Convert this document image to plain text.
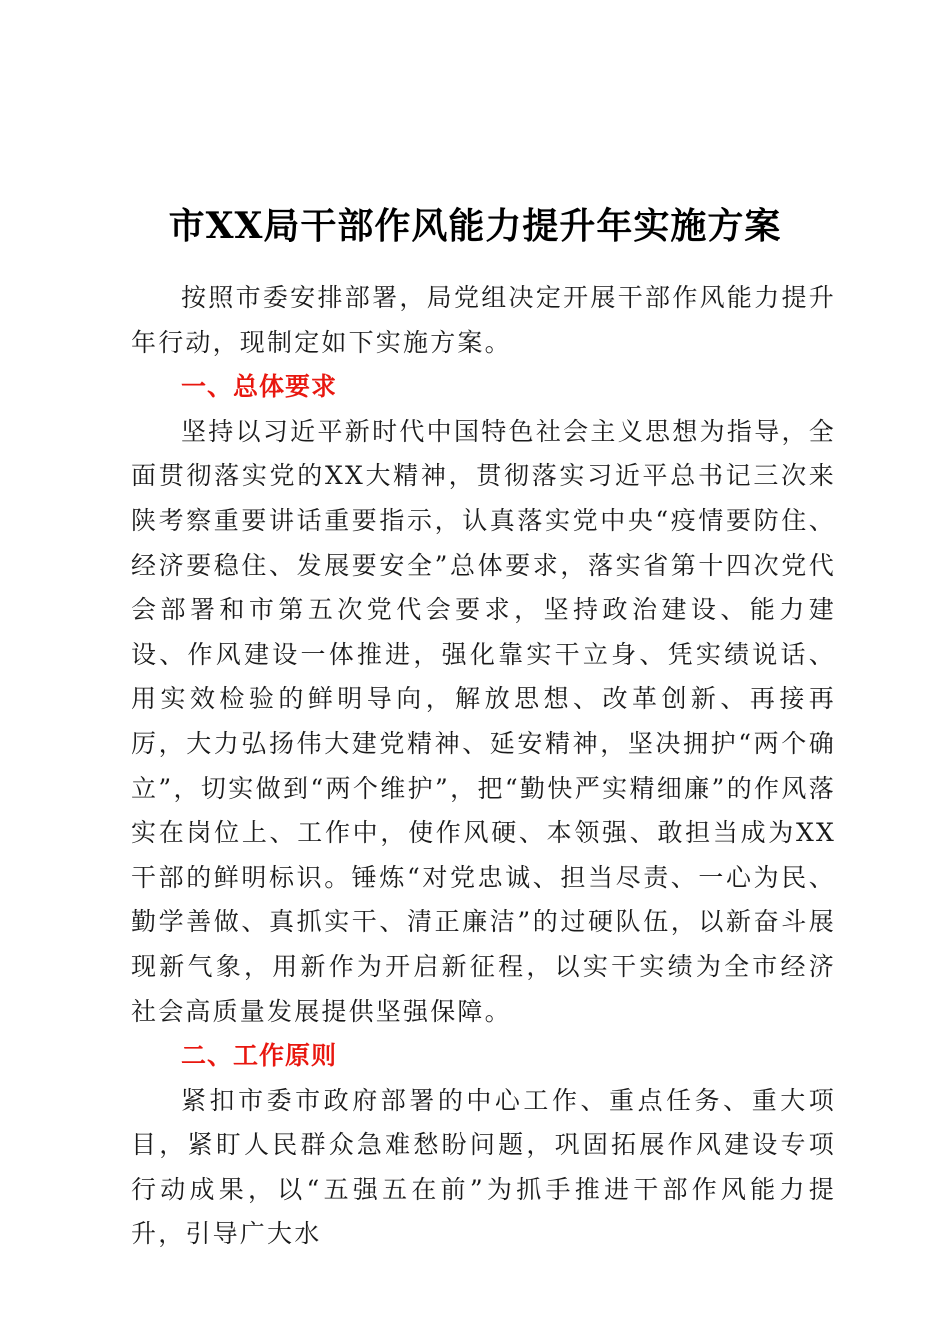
市XX局干部作风能力提升年实施方案

按照市委安排部署，局党组决定开展干部作风能力提升年行动，现制定如下实施方案。

一、总体要求

坚持以习近平新时代中国特色社会主义思想为指导，全面贯彻落实党的XX大精神，贯彻落实习近平总书记三次来陕考察重要讲话重要指示，认真落实党中央“疫情要防住、经济要稳住、发展要安全”总体要求，落实省第十四次党代会部署和市第五次党代会要求，坚持政治建设、能力建设、作风建设一体推进，强化靠实干立身、凭实绩说话、用实效检验的鲜明导向，解放思想、改革创新、再接再厉，大力弘扬伟大建党精神、延安精神，坚决拥护“两个确立”，切实做到“两个维护”，把“勤快严实精细廉”的作风落实在岗位上、工作中，使作风硬、本领强、敢担当成为XX干部的鲜明标识。锤炼“对党忠诚、担当尽责、一心为民、勤学善做、真抓实干、清正廉洁”的过硬队伍，以新奋斗展现新气象，用新作为开启新征程，以实干实绩为全市经济社会高质量发展提供坚强保障。

二、工作原则

紧扣市委市政府部署的中心工作、重点任务、重大项目，紧盯人民群众急难愁盼问题，巩固拓展作风建设专项行动成果，以“五强五在前”为抓手推进干部作风能力提升，引导广大水
